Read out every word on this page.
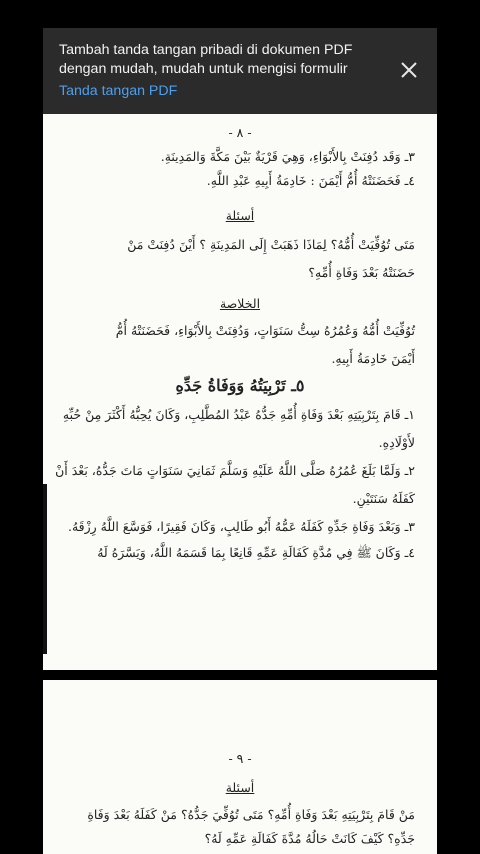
Tambah tanda tangan pribadi di dokumen PDF dengan mudah, mudah untuk mengisi formulir
Tanda tangan PDF
- ٨ -
٣ـ وَقَد دُفِنَتْ بِالأَبْوَاءِ، وَهِيَ قَرْيَةٌ بَيْنَ مَكَّةَ وَالمَدِينَةِ.
٤ـ فَحَضَنَتْهُ أُمُّ أَيْمَنَ : خَادِمَةُ أَبِيهِ عَبْدِ اللَّهِ.
أسئلة
مَتَى تُوُفِّيَتْ أُمُّهُ؟ لِمَاذَا ذَهَبَتْ إِلَى المَدِينَةِ ؟ أَيْنَ دُفِنَتْ مَنْ
حَضَنَتْهُ بَعْدَ وَفَاةِ أُمِّهِ؟
الخلاصة
تُوُفِّيَتْ أُمُّهُ وَعُمُرُهُ سِتُّ سَنَوَاتٍ، وَدُفِنَتْ بِالأَبْوَاءِ، فَحَضَنَتْهُ أُمُّ
أَيْمَنَ خَادِمَةُ أَبِيهِ.
٥ـ تَرْبِيَتُهُ وَوَفَاةُ جَدِّهِ
١ـ قَامَ بِتَرْبِيَتِهِ بَعْدَ وَفَاةِ أُمِّهِ جَدُّهُ عَبْدُ المُطَّلِبِ، وَكَانَ يُحِبُّهُ أَكْثَرَ مِنْ حُبِّهِ
لأَوْلَادِهِ.
٢ـ وَلَمَّا بَلَغَ عُمُرُهُ صَلَّى اللَّهُ عَلَيْهِ وَسَلَّمَ ثَمَانِيَ سَنَوَاتٍ مَاتَ جَدُّهُ، بَعْدَ أَنْ
كَفَلَهُ سَنَتَيْنِ.
٣ـ وَبَعْدَ وَفَاةِ جَدِّهِ كَفَلَهُ عَمُّهُ أَبُو طَالِبٍ، وَكَانَ فَقِيرًا، فَوَسَّعَ اللَّهُ رِزْقَهُ.
٤ـ وَكَانَ ﷺ فِي مُدَّةِ كَفَالَةِ عَمِّهِ قَانِعًا بِمَا قَسَمَهُ اللَّهُ، وَيَسَّرَهُ لَهُ
- ٩ -
أسئلة
مَنْ قَامَ بِتَرْبِيَتِهِ بَعْدَ وَفَاةِ أُمِّهِ؟ مَتَى تُوُفِّيَ جَدُّهُ؟ مَنْ كَفَلَهُ بَعْدَ وَفَاةِ
جَدِّهِ؟ كَيْفَ كَانَتْ حَالُهُ مُدَّةَ كَفَالَةِ عَمِّهِ لَهُ؟
